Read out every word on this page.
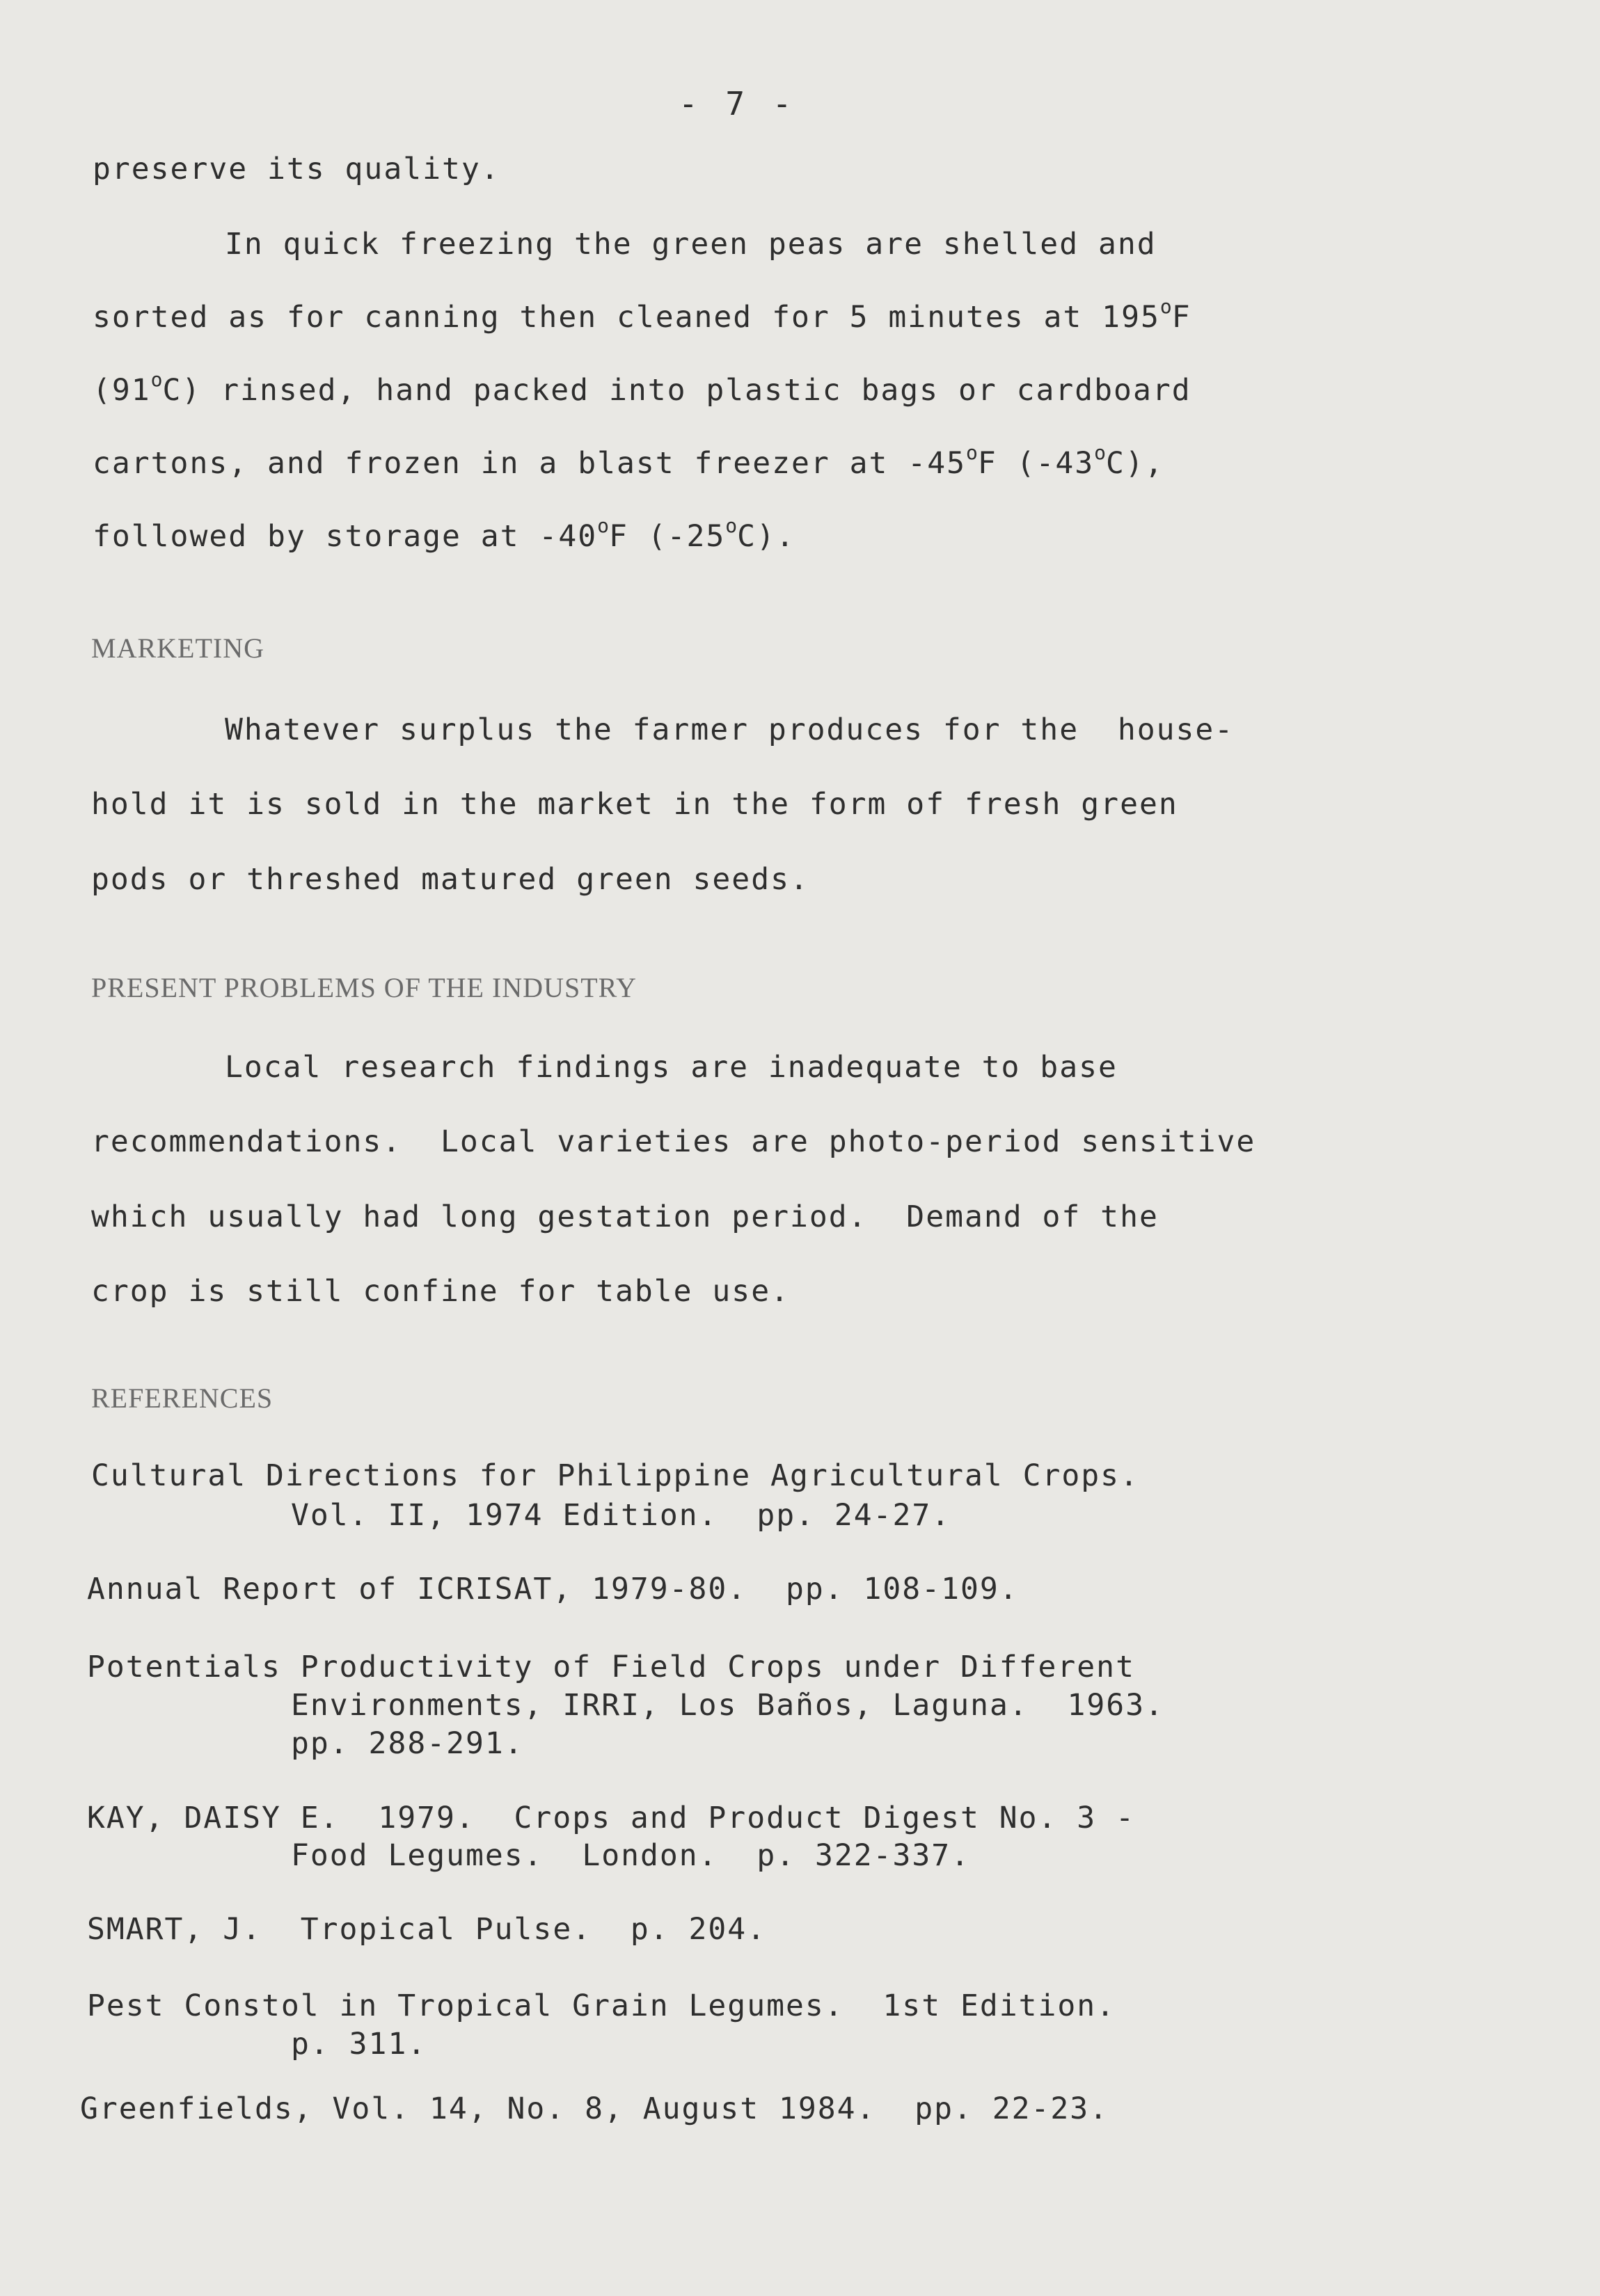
- 7 -
preserve its quality.
In quick freezing the green peas are shelled and
sorted as for canning then cleaned for 5 minutes at 195$^o$F
(91$^o$C) rinsed, hand packed into plastic bags or cardboard
cartons, and frozen in a blast freezer at -45$^o$F (-43$^o$C),
followed by storage at -40$^o$F (-25$^o$C).
MARKETING
Whatever surplus the farmer produces for the  house-
hold it is sold in the market in the form of fresh green
pods or threshed matured green seeds.
PRESENT PROBLEMS OF THE INDUSTRY
Local research findings are inadequate to base
recommendations.  Local varieties are photo-period sensitive
which usually had long gestation period.  Demand of the
crop is still confine for table use.
REFERENCES
Cultural Directions for Philippine Agricultural Crops.
Vol. II, 1974 Edition.  pp. 24-27.
Annual Report of ICRISAT, 1979-80.  pp. 108-109.
Potentials Productivity of Field Crops under Different
Environments, IRRI, Los Baños, Laguna.  1963.
pp. 288-291.
KAY, DAISY E.  1979.  Crops and Product Digest No. 3 -
Food Legumes.  London.  p. 322-337.
SMART, J.  Tropical Pulse.  p. 204.
Pest Constol in Tropical Grain Legumes.  1st Edition.
p. 311.
Greenfields, Vol. 14, No. 8, August 1984.  pp. 22-23.
